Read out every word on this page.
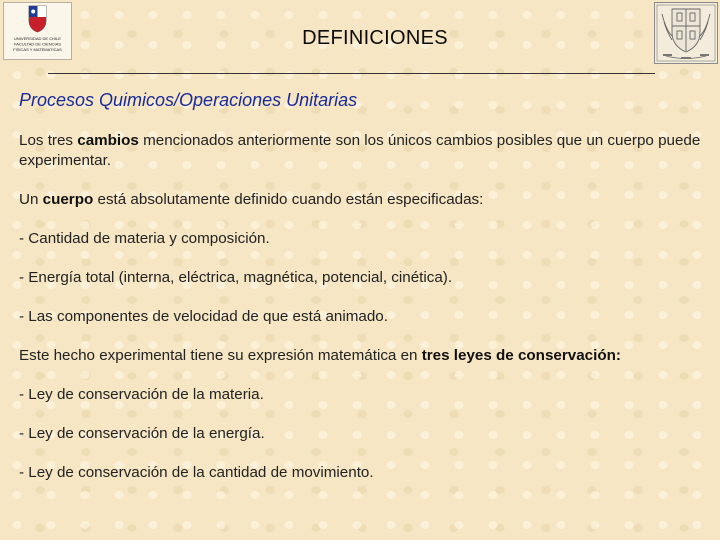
UNIVERSIDAD DE CHILE
FACULTAD DE CIENCIAS
FISICAS Y MATEMATICAS
DEFINICIONES
Procesos Quimicos/Operaciones Unitarias

Los tres cambios mencionados anteriormente son los únicos cambios posibles que un cuerpo puede experimentar.

Un cuerpo está absolutamente definido cuando están especificadas:

- Cantidad de materia y composición.

- Energía total (interna, eléctrica, magnética, potencial, cinética).

- Las componentes de velocidad de que está animado.

Este hecho experimental tiene su expresión matemática en tres leyes de conservación:

- Ley de conservación de la materia.

- Ley de conservación de la energía.

- Ley de conservación de la cantidad de movimiento.
